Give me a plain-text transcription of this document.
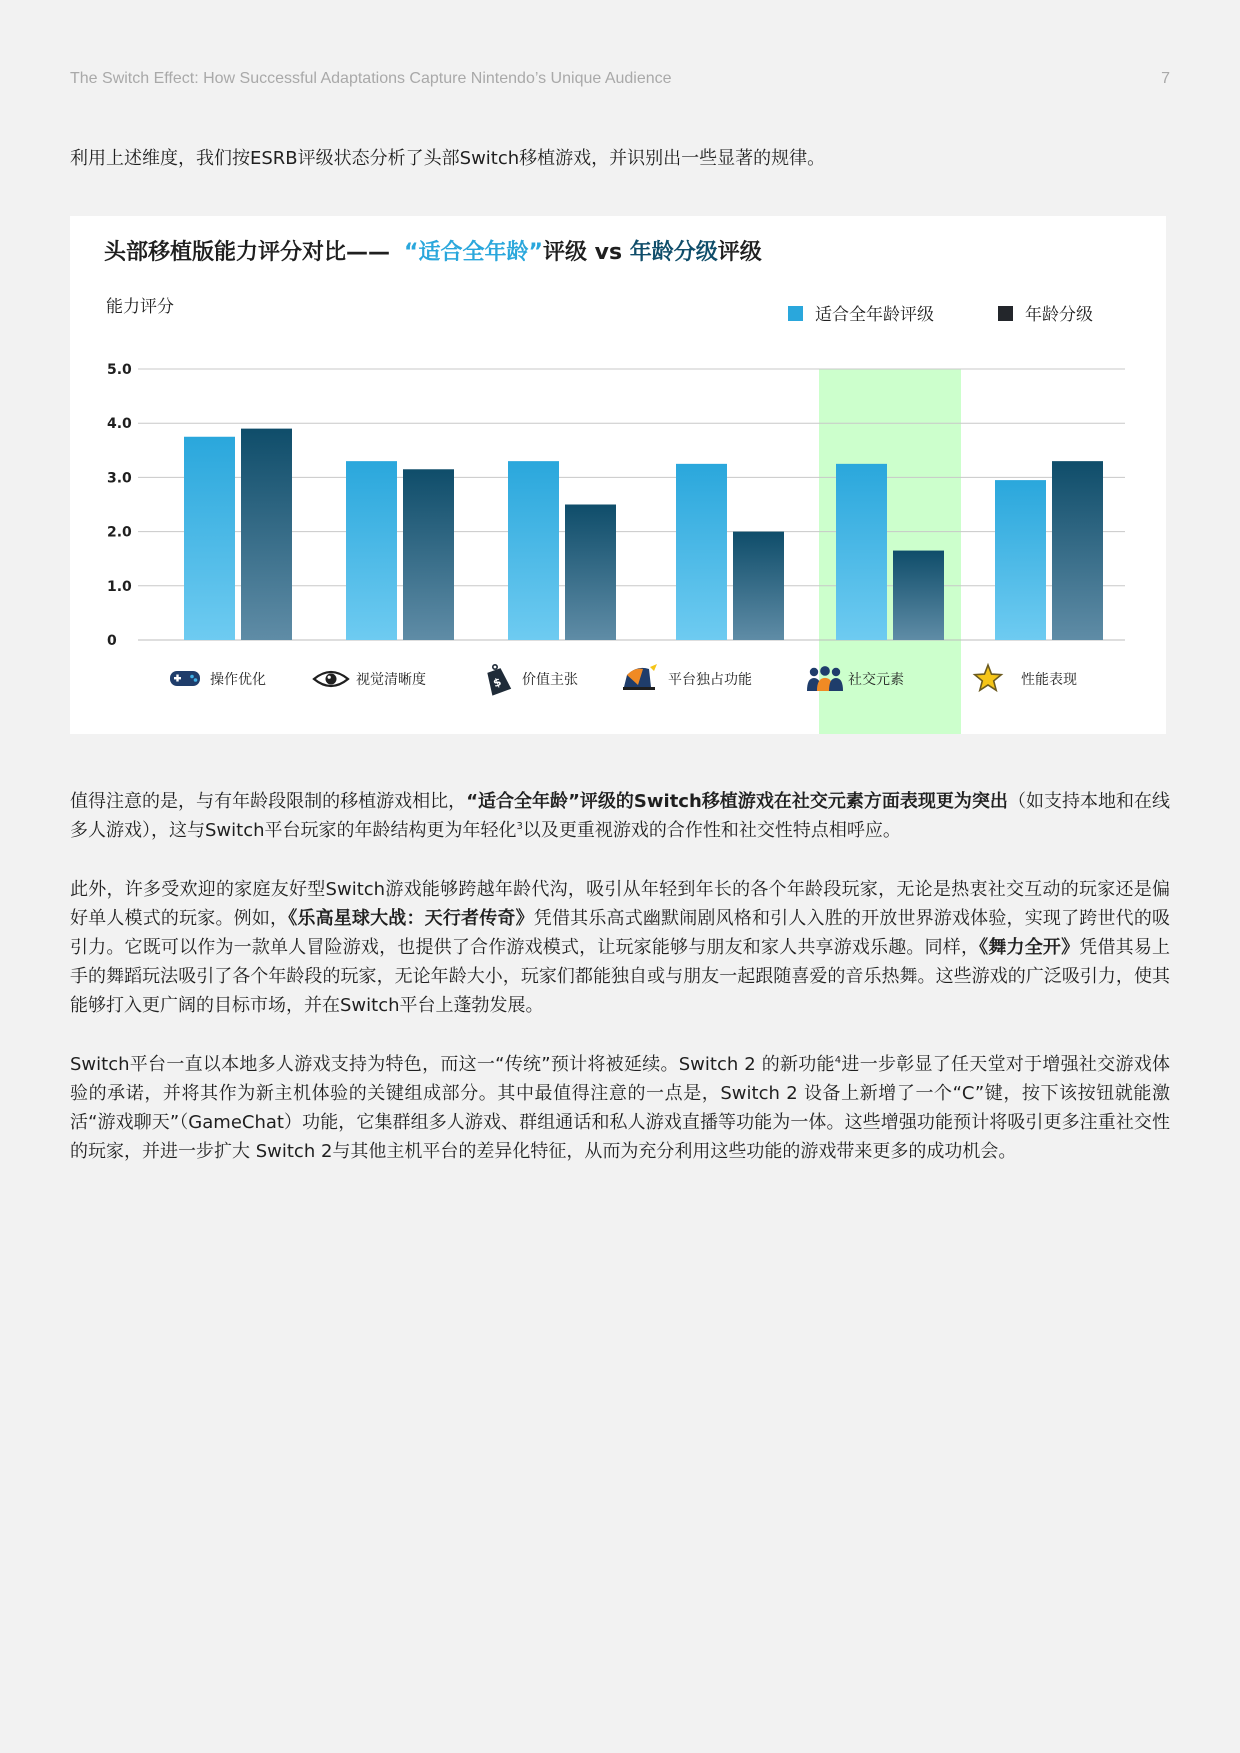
The Switch Effect: How Successful Adaptations Capture Nintendo’s Unique Audience	7
利用上述维度，我们按ESRB评级状态分析了头部Switch移植游戏，并识别出一些显著的规律。
头部移植版能力评分对比—— “适合全年龄”评级 vs 年龄分级评级
能力评分	适合全年龄评级	年龄分级
0
1.0
2.0
3.0
4.0
5.0
操作优化	视觉清晰度	$ 价值主张	平台独占功能	社交元素	性能表现
值得注意的是，与有年龄段限制的移植游戏相比，“适合全年龄”评级的Switch移植游戏在社交元素方面表现更为突出（如支持本地和在线多人游戏），这与Switch平台玩家的年龄结构更为年轻化$^3$以及更重视游戏的合作性和社交性特点相呼应。
此外，许多受欢迎的家庭友好型Switch游戏能够跨越年龄代沟，吸引从年轻到年长的各个年龄段玩家，无论是热衷社交互动的玩家还是偏好单人模式的玩家。例如，《乐高星球大战：天行者传奇》凭借其乐高式幽默闹剧风格和引人入胜的开放世界游戏体验，实现了跨世代的吸引力。它既可以作为一款单人冒险游戏，也提供了合作游戏模式，让玩家能够与朋友和家人共享游戏乐趣。同样，《舞力全开》凭借其易上手的舞蹈玩法吸引了各个年龄段的玩家，无论年龄大小，玩家们都能独自或与朋友一起跟随喜爱的音乐热舞。这些游戏的广泛吸引力，使其能够打入更广阔的目标市场，并在Switch平台上蓬勃发展。
Switch平台一直以本地多人游戏支持为特色，而这一“传统”预计将被延续。Switch 2 的新功能$^4$进一步彰显了任天堂对于增强社交游戏体验的承诺，并将其作为新主机体验的关键组成部分。其中最值得注意的一点是，Switch 2 设备上新增了一个“C”键，按下该按钮就能激活“游戏聊天”（GameChat）功能，它集群组多人游戏、群组通话和私人游戏直播等功能为一体。这些增强功能预计将吸引更多注重社交性的玩家，并进一步扩大 Switch 2与其他主机平台的差异化特征，从而为充分利用这些功能的游戏带来更多的成功机会。
